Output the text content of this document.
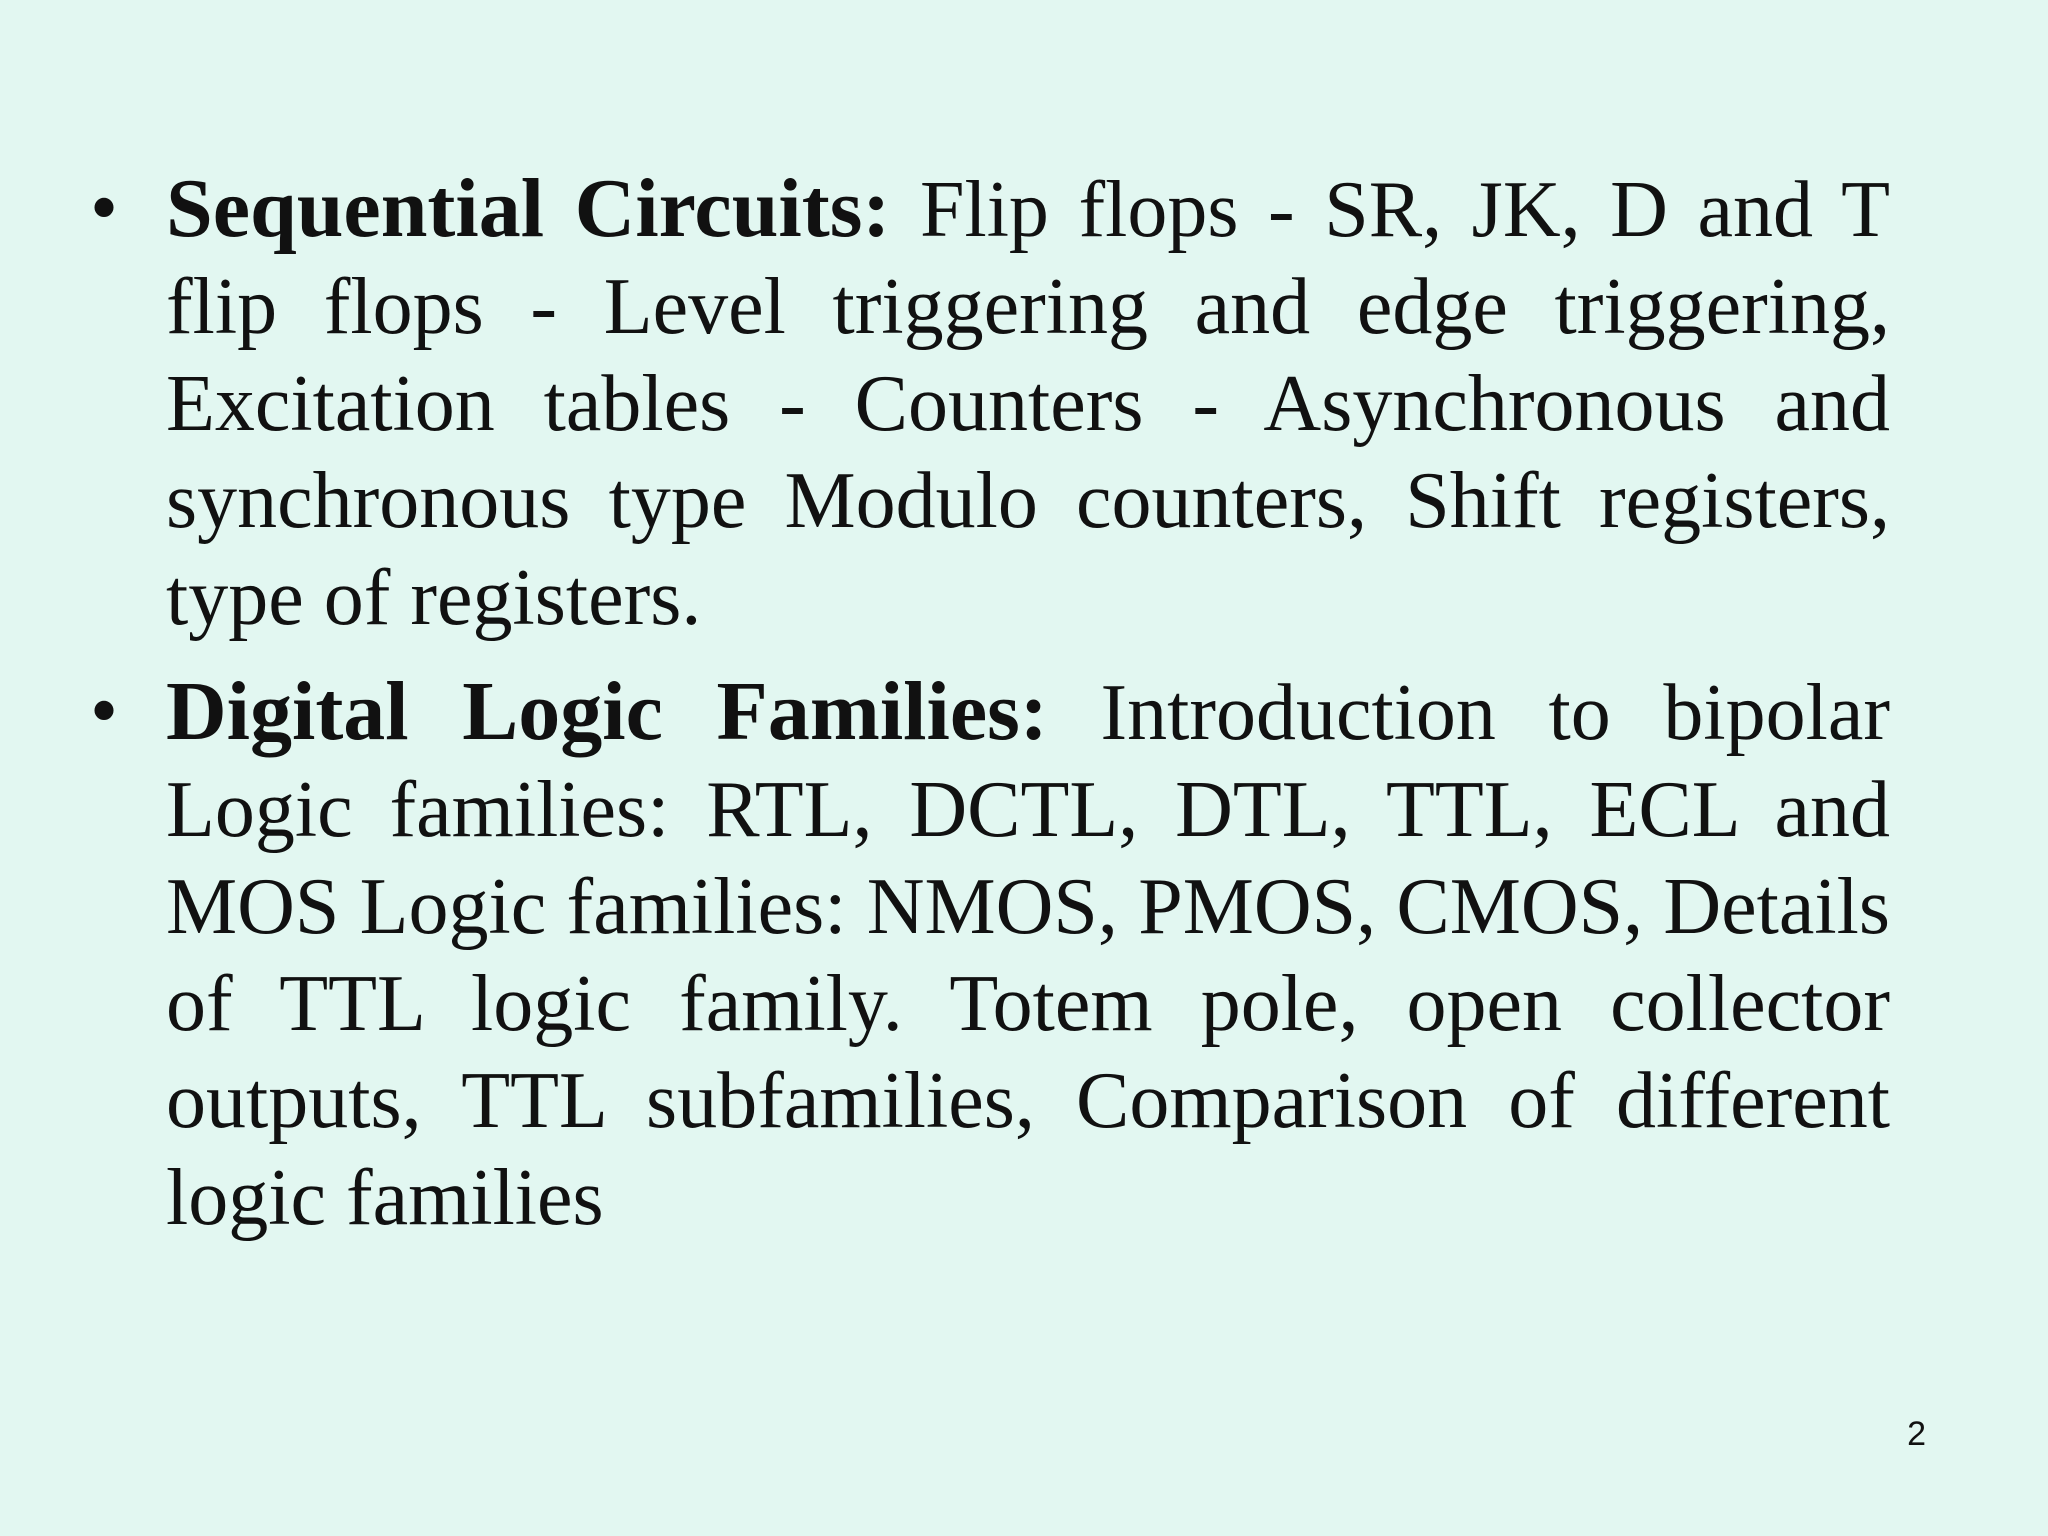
• Sequential Circuits: Flip flops - SR, JK, D and T flip flops - Level triggering and edge triggering, Excitation tables - Counters - Asynchronous and synchronous type Modulo counters, Shift registers, type of registers.
• Digital Logic Families: Introduction to bipolar Logic families: RTL, DCTL, DTL, TTL, ECL and MOS Logic families: NMOS, PMOS, CMOS, Details of TTL logic family. Totem pole, open collector outputs, TTL subfamilies, Comparison of different logic families
2
